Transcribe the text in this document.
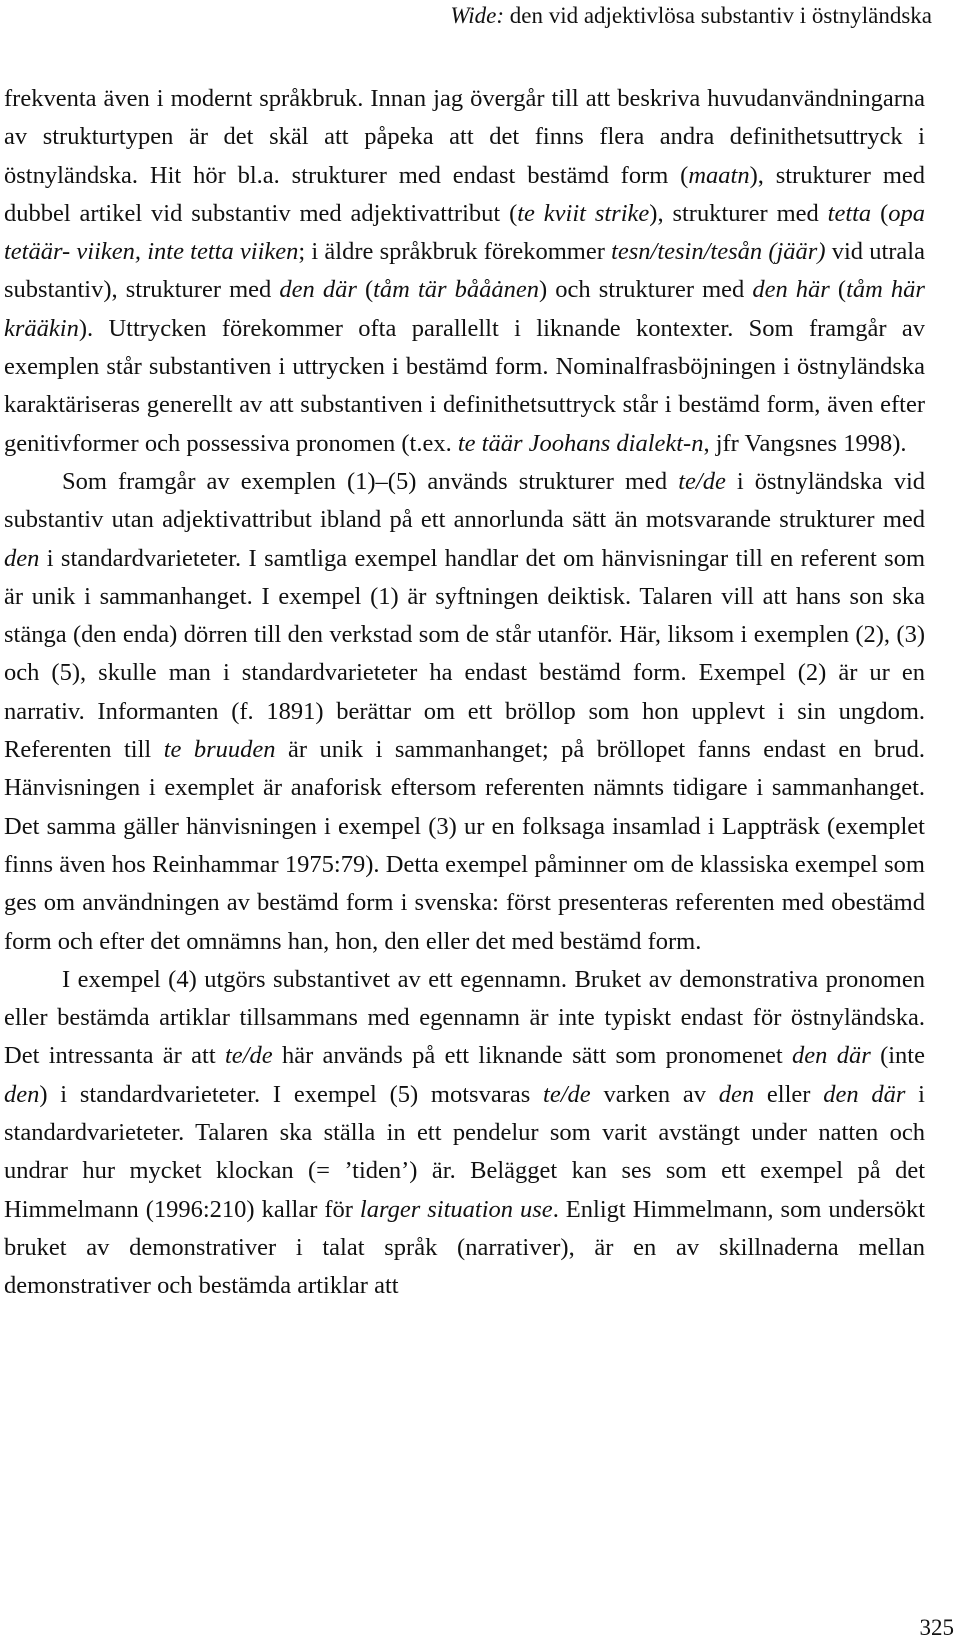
Wide: den vid adjektivlösa substantiv i östnyländska

frekventa även i modernt språkbruk. Innan jag övergår till att beskriva huvudanvändningarna av strukturtypen är det skäl att påpeka att det finns flera andra definithetsuttryck i östnyländska. Hit hör bl.a. strukturer med endast bestämd form (maatn), strukturer med dubbel artikel vid substantiv med adjektivattribut (te kviit strike), strukturer med tetta (opa tetäär- viiken, inte tetta viiken; i äldre språkbruk förekommer tesn/tesin/tesån (jäär) vid utrala substantiv), strukturer med den där (tåm tär bååȧnen) och strukturer med den här (tåm här krääkin). Uttrycken förekommer ofta parallellt i liknande kontexter. Som framgår av exemplen står substantiven i uttrycken i bestämd form. Nominalfrasböjningen i östnyländska karaktäriseras generellt av att substantiven i definithetsuttryck står i bestämd form, även efter genitivformer och possessiva pronomen (t.ex. te täär Joohans dialekt-n, jfr Vangsnes 1998).

Som framgår av exemplen (1)–(5) används strukturer med te/de i östnyländska vid substantiv utan adjektivattribut ibland på ett annorlunda sätt än motsvarande strukturer med den i standardvarieteter. I samtliga exempel handlar det om hänvisningar till en referent som är unik i sammanhanget. I exempel (1) är syftningen deiktisk. Talaren vill att hans son ska stänga (den enda) dörren till den verkstad som de står utanför. Här, liksom i exemplen (2), (3) och (5), skulle man i standardvarieteter ha endast bestämd form. Exempel (2) är ur en narrativ. Informanten (f. 1891) berättar om ett bröllop som hon upplevt i sin ungdom. Referenten till te bruuden är unik i sammanhanget; på bröllopet fanns endast en brud. Hänvisningen i exemplet är anaforisk eftersom referenten nämnts tidigare i sammanhanget. Det samma gäller hänvisningen i exempel (3) ur en folksaga insamlad i Lappträsk (exemplet finns även hos Reinhammar 1975:79). Detta exempel påminner om de klassiska exempel som ges om användningen av bestämd form i svenska: först presenteras referenten med obestämd form och efter det omnämns han, hon, den eller det med bestämd form.

I exempel (4) utgörs substantivet av ett egennamn. Bruket av demonstrativa pronomen eller bestämda artiklar tillsammans med egennamn är inte typiskt endast för östnyländska. Det intressanta är att te/de här används på ett liknande sätt som pronomenet den där (inte den) i standardvarieteter. I exempel (5) motsvaras te/de varken av den eller den där i standardvarieteter. Talaren ska ställa in ett pendelur som varit avstängt under natten och undrar hur mycket klockan (= ’tiden’) är. Belägget kan ses som ett exempel på det Himmelmann (1996:210) kallar för larger situation use. Enligt Himmelmann, som undersökt bruket av demonstrativer i talat språk (narrativer), är en av skillnaderna mellan demonstrativer och bestämda artiklar att

325
